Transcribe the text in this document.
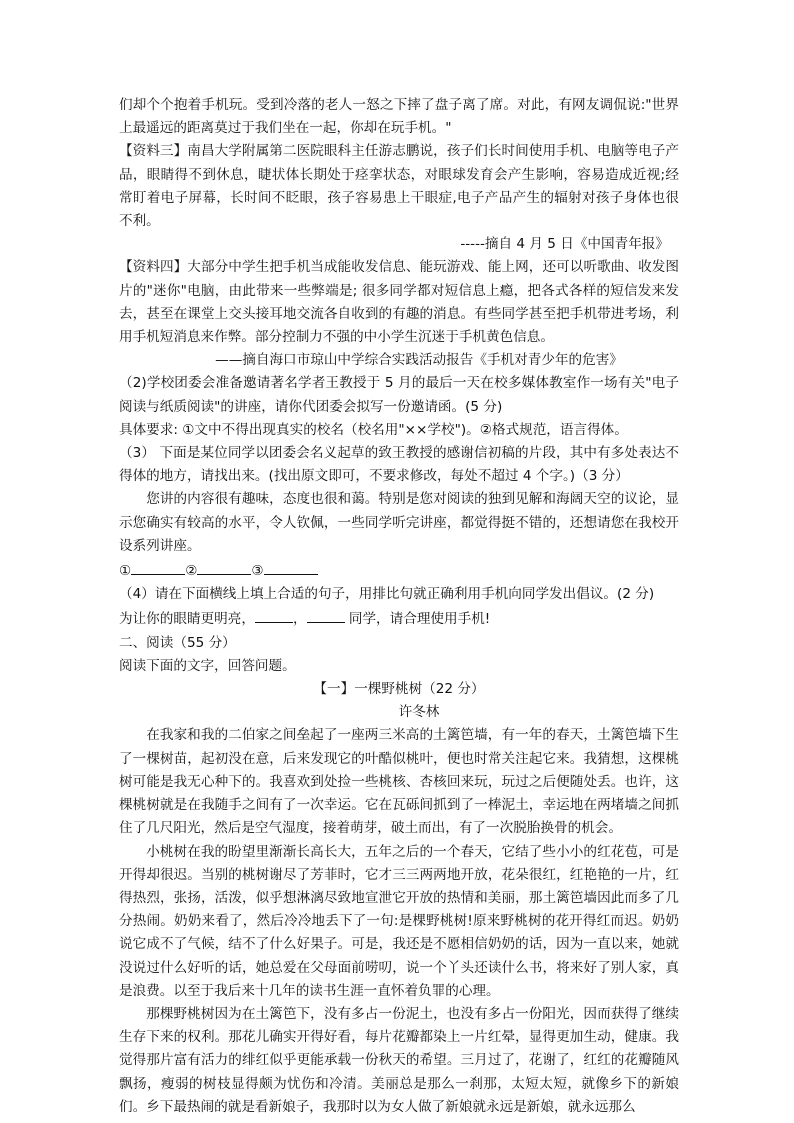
们却个个抱着手机玩。受到冷落的老人一怒之下摔了盘子离了席。对此，有网友调侃说:"世界上最遥远的距离莫过于我们坐在一起，你却在玩手机。"

【资料三】南昌大学附属第二医院眼科主任游志鹏说，孩子们长时间使用手机、电脑等电子产品，眼睛得不到休息，睫状体长期处于痉挛状态，对眼球发育会产生影响，容易造成近视;经常盯着电子屏幕，长时间不眨眼，孩子容易患上干眼症,电子产品产生的辐射对孩子身体也很不利。

-----摘自 4 月 5 日《中国青年报》

【资料四】大部分中学生把手机当成能收发信息、能玩游戏、能上网，还可以听歌曲、收发图片的"迷你"电脑，由此带来一些弊端是; 很多同学都对短信息上瘾，把各式各样的短信发来发去，甚至在课堂上交头接耳地交流各自收到的有趣的消息。有些同学甚至把手机带进考场，利用手机短消息来作弊。部分控制力不强的中小学生沉迷于手机黄色信息。

——摘自海口市琼山中学综合实践活动报告《手机对青少年的危害》

（2)学校团委会准备邀请著名学者王教授于 5 月的最后一天在校多媒体教室作一场有关"电子阅读与纸质阅读"的讲座，请你代团委会拟写一份邀请函。(5 分)

具体要求: ①文中不得出现真实的校名（校名用"××学校")。②格式规范，语言得体。

（3） 下面是某位同学以团委会名义起草的致王教授的感谢信初稿的片段，其中有多处表达不得体的地方，请找出来。(找出原文即可，不要求修改，每处不超过 4 个字。)（3 分）

您讲的内容很有趣味，态度也很和蔼。特别是您对阅读的独到见解和海阔天空的议论，显示您确实有较高的水平，令人钦佩，一些同学听完讲座，都觉得挺不错的，还想请您在我校开设系列讲座。

①	②	③

（4）请在下面横线上填上合适的句子，用排比句就正确利用手机向同学发出倡议。(2 分)

为让你的眼睛更明亮，	，	同学，请合理使用手机!

二、阅读（55 分）

阅读下面的文字，回答问题。

【一】一棵野桃树（22 分）

许冬林

在我家和我的二伯家之间垒起了一座两三米高的土篱笆墙，有一年的春天，土篱笆墙下生了一棵树苗，起初没在意，后来发现它的叶酷似桃叶，便也时常关注起它来。我猜想，这棵桃树可能是我无心种下的。我喜欢到处捡一些桃核、杏核回来玩，玩过之后便随处丢。也许，这棵桃树就是在我随手之间有了一次幸运。它在瓦砾间抓到了一棒泥土，幸运地在两堵墙之间抓住了几尺阳光，然后是空气湿度，接着萌芽，破土而出，有了一次脱胎换骨的机会。

小桃树在我的盼望里渐渐长高长大，五年之后的一个春天，它结了些小小的红花苞，可是开得却很迟。当别的桃树谢尽了芳菲时，它才三三两两地开放，花朵很红，红艳艳的一片，红得热烈，张扬，活泼，似乎想淋漓尽致地宣泄它开放的热情和美丽，那土篱笆墙因此而多了几分热闹。奶奶来看了，然后冷冷地丢下了一句:是棵野桃树!原来野桃树的花开得红而迟。奶奶说它成不了气候，结不了什么好果子。可是，我还是不愿相信奶奶的话，因为一直以来，她就没说过什么好听的话，她总爱在父母面前唠叨，说一个丫头还读什么书，将来好了别人家，真是浪费。以至于我后来十几年的读书生涯一直怀着负罪的心理。

那棵野桃树因为在土篱笆下，没有多占一份泥土，也没有多占一份阳光，因而获得了继续生存下来的权利。那花儿确实开得好看，每片花瓣都染上一片红晕，显得更加生动，健康。我觉得那片富有活力的绯红似乎更能承载一份秋天的希望。三月过了，花谢了，红红的花瓣随风飘扬，瘦弱的树枝显得颇为忧伤和冷清。美丽总是那么一刹那，太短太短，就像乡下的新娘们。乡下最热闹的就是看新娘子，我那时以为女人做了新娘就永远是新娘，就永远那么
